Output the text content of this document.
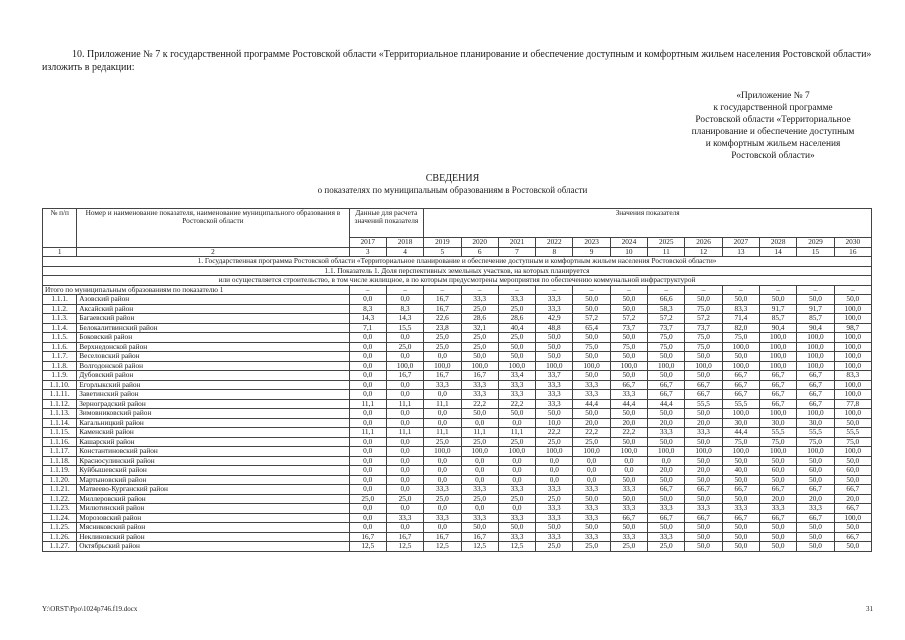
10. Приложение № 7 к государственной программе Ростовской области «Территориальное планирование и обеспечение доступным и комфортным жильем населения Ростовской области» изложить в редакции:
«Приложение № 7
к государственной программе
Ростовской области «Территориальное
планирование и обеспечение доступным
и комфортным жильем населения
Ростовской области»
СВЕДЕНИЯ
о показателях по муниципальным образованиям в Ростовской области
№ п/п	Номер и наименование показателя, наименование муниципального образования в Ростовской области	Данные для расчета значений показателя		Значения показателя											
		2017	2018	2019	2020	2021	2022	2023	2024	2025	2026	2027	2028	2029	2030
1	2	3	4	5	6	7	8	9	10	11	12	13	14	15	16
1. Государственная программа Ростовской области «Территориальное планирование и обеспечение доступным и комфортным жильем населения Ростовской области»															
1.1. Показатель 1. Доля перспективных земельных участков, на которых планируется															
или осуществляется строительство, в том числе жилищное, в по которым предусмотрены мероприятия по обеспечению коммунальной инфраструктурой															
Итого по муниципальным образованиям по показателю 1		–	–	–	–	–	–	–	–	–	–	–	–	–	–
1.1.1.	Азовский район	0,0	0,0	16,7	33,3	33,3	33,3	50,0	50,0	66,6	50,0	50,0	50,0	50,0	50,0
1.1.2.	Аксайский район	8,3	8,3	16,7	25,0	25,0	33,3	50,0	50,0	58,3	75,0	83,3	91,7	91,7	100,0
1.1.3.	Багаевский район	14,3	14,3	22,6	28,6	28,6	42,9	57,2	57,2	57,2	57,2	71,4	85,7	85,7	100,0
1.1.4.	Белокалитвинский район	7,1	15,5	23,8	32,1	40,4	48,8	65,4	73,7	73,7	73,7	82,0	90,4	90,4	98,7
1.1.5.	Боковский район	0,0	0,0	25,0	25,0	25,0	50,0	50,0	50,0	75,0	75,0	75,0	100,0	100,0	100,0
1.1.6.	Верхнедонской район	0,0	25,0	25,0	25,0	50,0	50,0	75,0	75,0	75,0	75,0	100,0	100,0	100,0	100,0
1.1.7.	Веселовский район	0,0	0,0	0,0	50,0	50,0	50,0	50,0	50,0	50,0	50,0	50,0	100,0	100,0	100,0
1.1.8.	Волгодонской район	0,0	100,0	100,0	100,0	100,0	100,0	100,0	100,0	100,0	100,0	100,0	100,0	100,0	100,0
1.1.9.	Дубовский район	0,0	16,7	16,7	16,7	33,4	33,7	50,0	50,0	50,0	50,0	66,7	66,7	66,7	83,3
1.1.10.	Егорлыкский район	0,0	0,0	33,3	33,3	33,3	33,3	33,3	66,7	66,7	66,7	66,7	66,7	66,7	100,0
1.1.11.	Заветинский район	0,0	0,0	0,0	33,3	33,3	33,3	33,3	33,3	66,7	66,7	66,7	66,7	66,7	100,0
1.1.12.	Зерноградский район	11,1	11,1	11,1	22,2	22,2	33,3	44,4	44,4	44,4	55,5	55,5	66,7	66,7	77,8
1.1.13.	Зимовниковский район	0,0	0,0	0,0	50,0	50,0	50,0	50,0	50,0	50,0	50,0	100,0	100,0	100,0	100,0
1.1.14.	Кагальницкий район	0,0	0,0	0,0	0,0	0,0	10,0	20,0	20,0	20,0	20,0	30,0	30,0	30,0	50,0
1.1.15.	Каменский район	11,1	11,1	11,1	11,1	11,1	22,2	22,2	22,2	33,3	33,3	44,4	55,5	55,5	55,5
1.1.16.	Кашарский район	0,0	0,0	25,0	25,0	25,0	25,0	25,0	50,0	50,0	50,0	75,0	75,0	75,0	75,0
1.1.17.	Константиновский район	0,0	0,0	100,0	100,0	100,0	100,0	100,0	100,0	100,0	100,0	100,0	100,0	100,0	100,0
1.1.18.	Красносулинский район	0,0	0,0	0,0	0,0	0,0	0,0	0,0	0,0	0,0	50,0	50,0	50,0	50,0	50,0
1.1.19.	Куйбышевский район	0,0	0,0	0,0	0,0	0,0	0,0	0,0	0,0	20,0	20,0	40,0	60,0	60,0	60,0
1.1.20.	Мартыновский район	0,0	0,0	0,0	0,0	0,0	0,0	0,0	50,0	50,0	50,0	50,0	50,0	50,0	50,0
1.1.21.	Матвеево-Курганский район	0,0	0,0	33,3	33,3	33,3	33,3	33,3	33,3	66,7	66,7	66,7	66,7	66,7	66,7
1.1.22.	Миллеровский район	25,0	25,0	25,0	25,0	25,0	25,0	50,0	50,0	50,0	50,0	50,0	20,0	20,0	20,0
1.1.23.	Милютинский район	0,0	0,0	0,0	0,0	0,0	33,3	33,3	33,3	33,3	33,3	33,3	33,3	33,3	66,7
1.1.24.	Морозовский район	0,0	33,3	33,3	33,3	33,3	33,3	33,3	66,7	66,7	66,7	66,7	66,7	66,7	100,0
1.1.25.	Мясниковский район	0,0	0,0	0,0	50,0	50,0	50,0	50,0	50,0	50,0	50,0	50,0	50,0	50,0	50,0
1.1.26.	Неклиновский район	16,7	16,7	16,7	16,7	33,3	33,3	33,3	33,3	33,3	50,0	50,0	50,0	50,0	66,7
1.1.27.	Октябрьский район	12,5	12,5	12,5	12,5	12,5	25,0	25,0	25,0	25,0	50,0	50,0	50,0	50,0	50,0
Y:\ORST\Ppo\1024p746.f19.docx	31
